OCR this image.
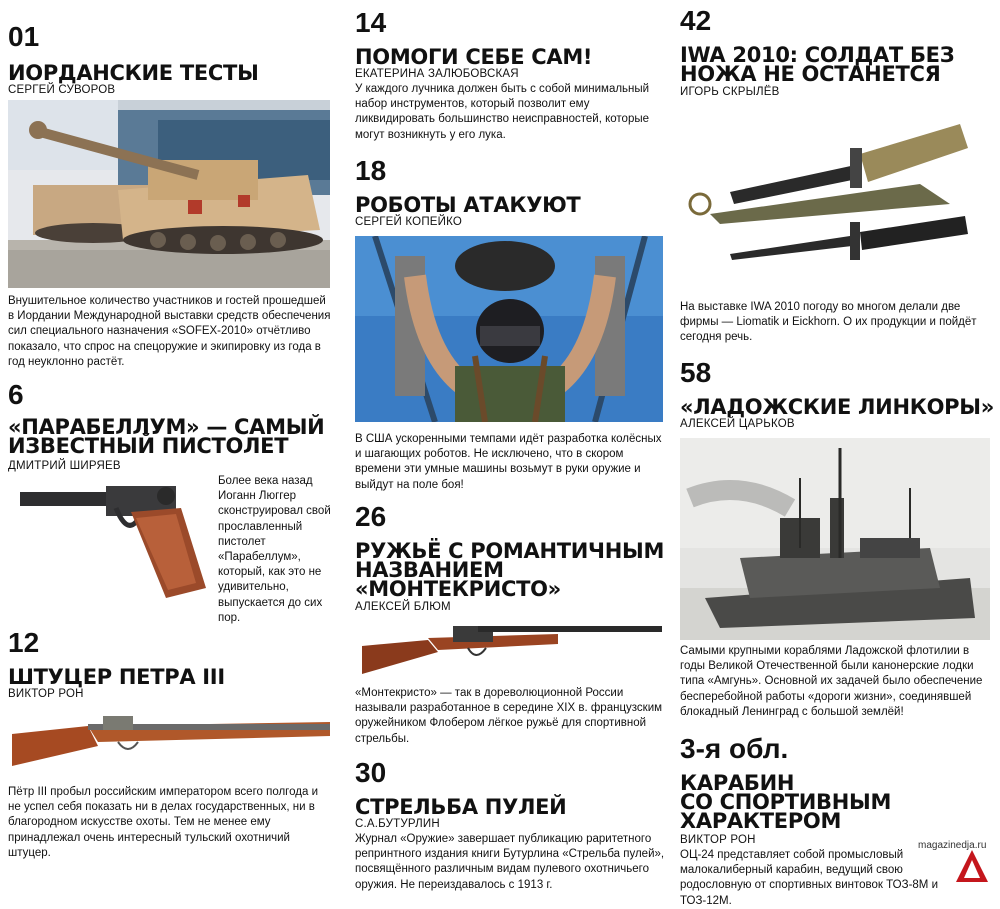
01
ИОРДАНСКИЕ ТЕСТЫ
СЕРГЕЙ СУВОРОВ
Внушительное количество участников и гостей прошедшей в Иордании Международной выставки средств обеспечения сил специального назначения «SOFEX-2010» отчётливо показало, что спрос на спецоружие и экипировку из года в год неуклонно растёт.
6
«ПАРАБЕЛЛУМ» — САМЫЙ
ИЗВЕСТНЫЙ ПИСТОЛЕТ
ДМИТРИЙ ШИРЯЕВ
Более века назад Иоганн Люггер сконструировал свой прославленный пистолет «Парабеллум», который, как это не удивительно, выпускается до сих пор.
12
ШТУЦЕР ПЕТРА III
ВИКТОР РОН
Пётр III пробыл российским императором всего полгода и не успел себя показать ни в делах государственных, ни в благородном искусстве охоты. Тем не менее ему принадлежал очень интересный тульский охотничий штуцер.
14
ПОМОГИ СЕБЕ САМ!
ЕКАТЕРИНА ЗАЛЮБОВСКАЯ
У каждого лучника должен быть с собой минимальный набор инструментов, который позволит ему ликвидировать большинство неисправностей, которые могут возникнуть у его лука.
18
РОБОТЫ АТАКУЮТ
СЕРГЕЙ КОПЕЙКО
В США ускоренными темпами идёт разработка колёсных и шагающих роботов. Не исключено, что в скором времени эти умные машины возьмут в руки оружие и выйдут на поле боя!
26
РУЖЬЁ С РОМАНТИЧНЫМ
НАЗВАНИЕМ
«МОНТЕКРИСТО»
АЛЕКСЕЙ БЛЮМ
«Монтекристо» — так в дореволюционной России называли разработанное в середине XIX в. французским оружейником Флобером лёгкое ружьё для спортивной стрельбы.
30
СТРЕЛЬБА ПУЛЕЙ
С.А.БУТУРЛИН
Журнал «Оружие» завершает публикацию раритетного репринтного издания книги Бутурлина «Стрельба пулей», посвящённого различным видам пулевого охотничьего оружия. Не переиздавалось с 1913 г.
42
IWA 2010: СОЛДАТ БЕЗ
НОЖА НЕ ОСТАНЕТСЯ
ИГОРЬ СКРЫЛЁВ
На выставке IWA 2010 погоду во многом делали две фирмы — Liomatik и Eickhorn. О их продукции и пойдёт сегодня речь.
58
«ЛАДОЖСКИЕ ЛИНКОРЫ»
АЛЕКСЕЙ ЦАРЬКОВ
Самыми крупными кораблями Ладожской флотилии в годы Великой Отечественной были канонерские лодки типа «Амгунь». Основной их задачей было обеспечение бесперебойной работы «дороги жизни», соединявшей блокадный Ленинград с большой землёй!
3-я обл.
КАРАБИН
СО СПОРТИВНЫМ
ХАРАКТЕРОМ
ВИКТОР РОН
ОЦ-24 представляет собой промысловый малокалиберный карабин, ведущий свою родословную от спортивных винтовок ТОЗ-8М и ТОЗ-12М.
magazinedja.ru
